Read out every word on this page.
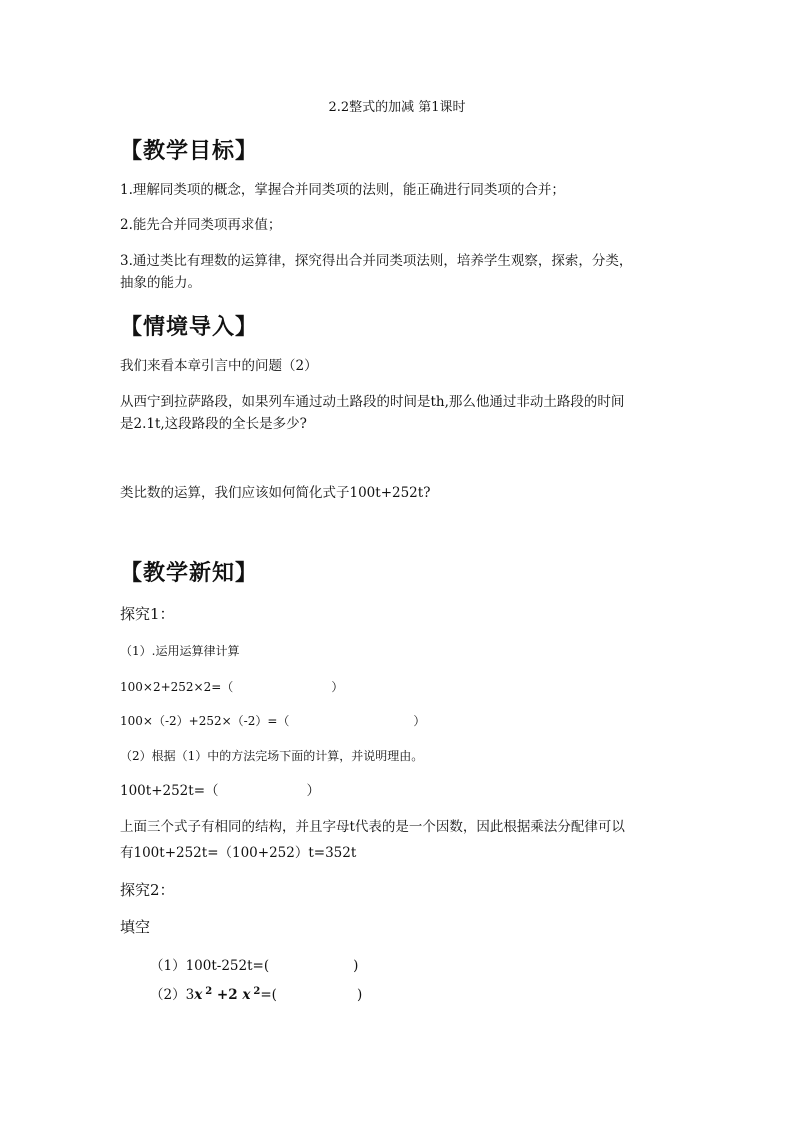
2.2整式的加减 第1课时
【教学目标】
1.理解同类项的概念，掌握合并同类项的法则，能正确进行同类项的合并；
2.能先合并同类项再求值；
3.通过类比有理数的运算律，探究得出合并同类项法则，培养学生观察，探索，分类，
抽象的能力。
【情境导入】
我们来看本章引言中的问题（2）
从西宁到拉萨路段，如果列车通过动土路段的时间是th,那么他通过非动土路段的时间
是2.1t,这段路段的全长是多少?
类比数的运算，我们应该如何简化式子100t+252t?
【教学新知】
探究1：
（1）.运用运算律计算
100×2+252×2=（	）
100×（-2）+252×（-2）=（	）
（2）根据（1）中的方法完场下面的计算，并说明理由。
100t+252t=（	）
上面三个式子有相同的结构，并且字母t代表的是一个因数，因此根据乘法分配律可以
有100t+252t=（100+252）t=352t
探究2：
填空
（1）100t-252t=(	)
（2）3x $^2$ +2 x $^2$=(	)
